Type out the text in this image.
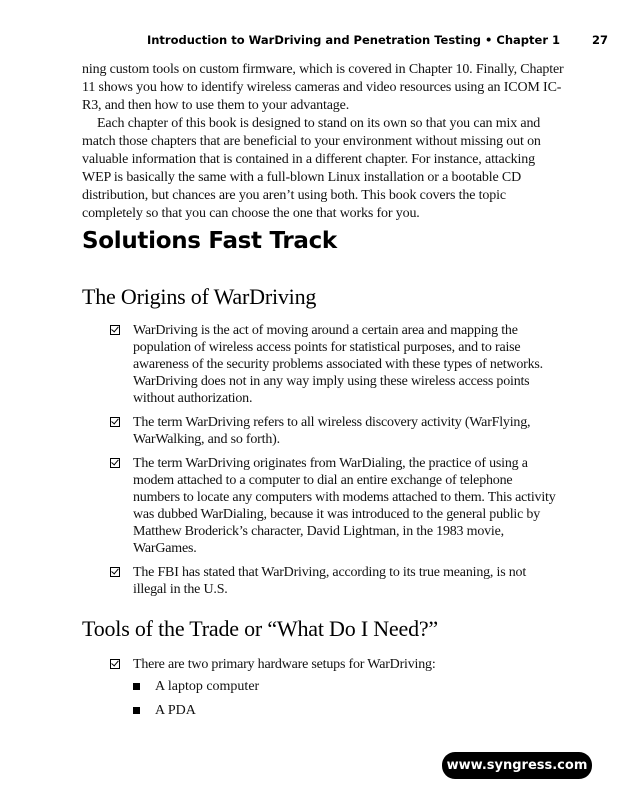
Introduction to WarDriving and Penetration Testing • Chapter 1	27

ning custom tools on custom firmware, which is covered in Chapter 10. Finally, Chapter 11 shows you how to identify wireless cameras and video resources using an ICOM IC-R3, and then how to use them to your advantage.

Each chapter of this book is designed to stand on its own so that you can mix and match those chapters that are beneficial to your environment without missing out on valuable information that is contained in a different chapter. For instance, attacking WEP is basically the same with a full-blown Linux installation or a bootable CD distribution, but chances are you aren’t using both. This book covers the topic completely so that you can choose the one that works for you.

Solutions Fast Track
The Origins of WarDriving
WarDriving is the act of moving around a certain area and mapping the population of wireless access points for statistical purposes, and to raise awareness of the security problems associated with these types of networks. WarDriving does not in any way imply using these wireless access points without authorization.
The term WarDriving refers to all wireless discovery activity (WarFlying, WarWalking, and so forth).
The term WarDriving originates from WarDialing, the practice of using a modem attached to a computer to dial an entire exchange of telephone numbers to locate any computers with modems attached to them. This activity was dubbed WarDialing, because it was introduced to the general public by Matthew Broderick’s character, David Lightman, in the 1983 movie, WarGames.
The FBI has stated that WarDriving, according to its true meaning, is not illegal in the U.S.
Tools of the Trade or “What Do I Need?”
There are two primary hardware setups for WarDriving:
A laptop computer
A PDA
www.syngress.com
